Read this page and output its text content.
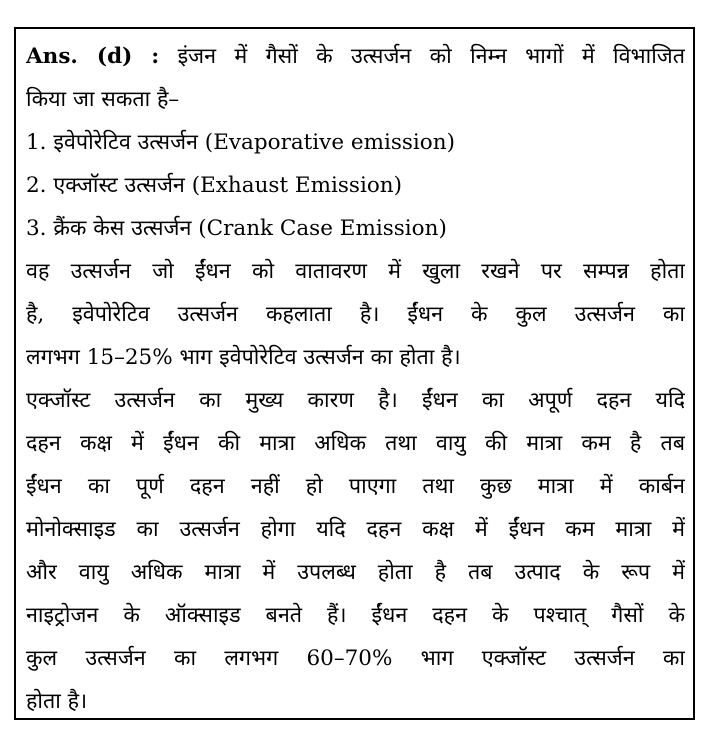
Ans. (d) : इंजन में गैसों के उत्सर्जन को निम्न भागों में विभाजित
किया जा सकता है–
1. इवेपोरेटिव उत्सर्जन (Evaporative emission)
2. एक्जॉस्ट उत्सर्जन (Exhaust Emission)
3. क्रैंक केस उत्सर्जन (Crank Case Emission)
वह उत्सर्जन जो ईंधन को वातावरण में खुला रखने पर सम्पन्न होता
है, इवेपोरेटिव उत्सर्जन कहलाता है। ईंधन के कुल उत्सर्जन का
लगभग 15–25% भाग इवेपोरेटिव उत्सर्जन का होता है।
एक्जॉस्ट उत्सर्जन का मुख्य कारण है। ईंधन का अपूर्ण दहन यदि
दहन कक्ष में ईंधन की मात्रा अधिक तथा वायु की मात्रा कम है तब
ईंधन का पूर्ण दहन नहीं हो पाएगा तथा कुछ मात्रा में कार्बन
मोनोक्साइड का उत्सर्जन होगा यदि दहन कक्ष में ईंधन कम मात्रा में
और वायु अधिक मात्रा में उपलब्ध होता है तब उत्पाद के रूप में
नाइट्रोजन के ऑक्साइड बनते हैं। ईंधन दहन के पश्चात् गैसों के
कुल उत्सर्जन का लगभग 60–70% भाग एक्जॉस्ट उत्सर्जन का
होता है।
